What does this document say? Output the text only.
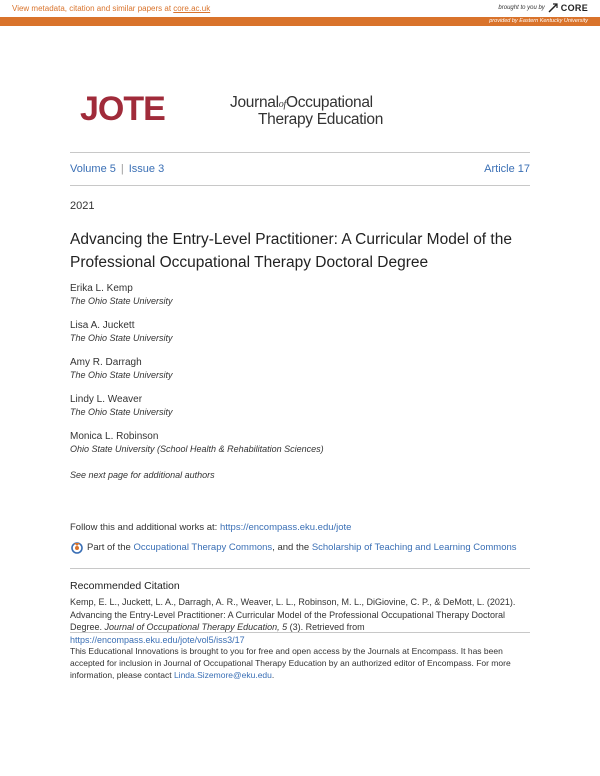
View metadata, citation and similar papers at core.ac.uk	brought to you by CORE
provided by Eastern Kentucky University
JOTE	JournalofOccupational
Therapy Education
Volume 5 | Issue 3	Article 17
2021
Advancing the Entry-Level Practitioner: A Curricular Model of the Professional Occupational Therapy Doctoral Degree
Erika L. Kemp
The Ohio State University
Lisa A. Juckett
The Ohio State University
Amy R. Darragh
The Ohio State University
Lindy L. Weaver
The Ohio State University
Monica L. Robinson
Ohio State University (School Health & Rehabilitation Sciences)
See next page for additional authors
Follow this and additional works at: https://encompass.eku.edu/jote
Part of the Occupational Therapy Commons, and the Scholarship of Teaching and Learning Commons
Recommended Citation
Kemp, E. L., Juckett, L. A., Darragh, A. R., Weaver, L. L., Robinson, M. L., DiGiovine, C. P., & DeMott, L. (2021). Advancing the Entry-Level Practitioner: A Curricular Model of the Professional Occupational Therapy Doctoral Degree. Journal of Occupational Therapy Education, 5 (3). Retrieved from
https://encompass.eku.edu/jote/vol5/iss3/17
This Educational Innovations is brought to you for free and open access by the Journals at Encompass. It has been accepted for inclusion in Journal of Occupational Therapy Education by an authorized editor of Encompass. For more information, please contact Linda.Sizemore@eku.edu.
